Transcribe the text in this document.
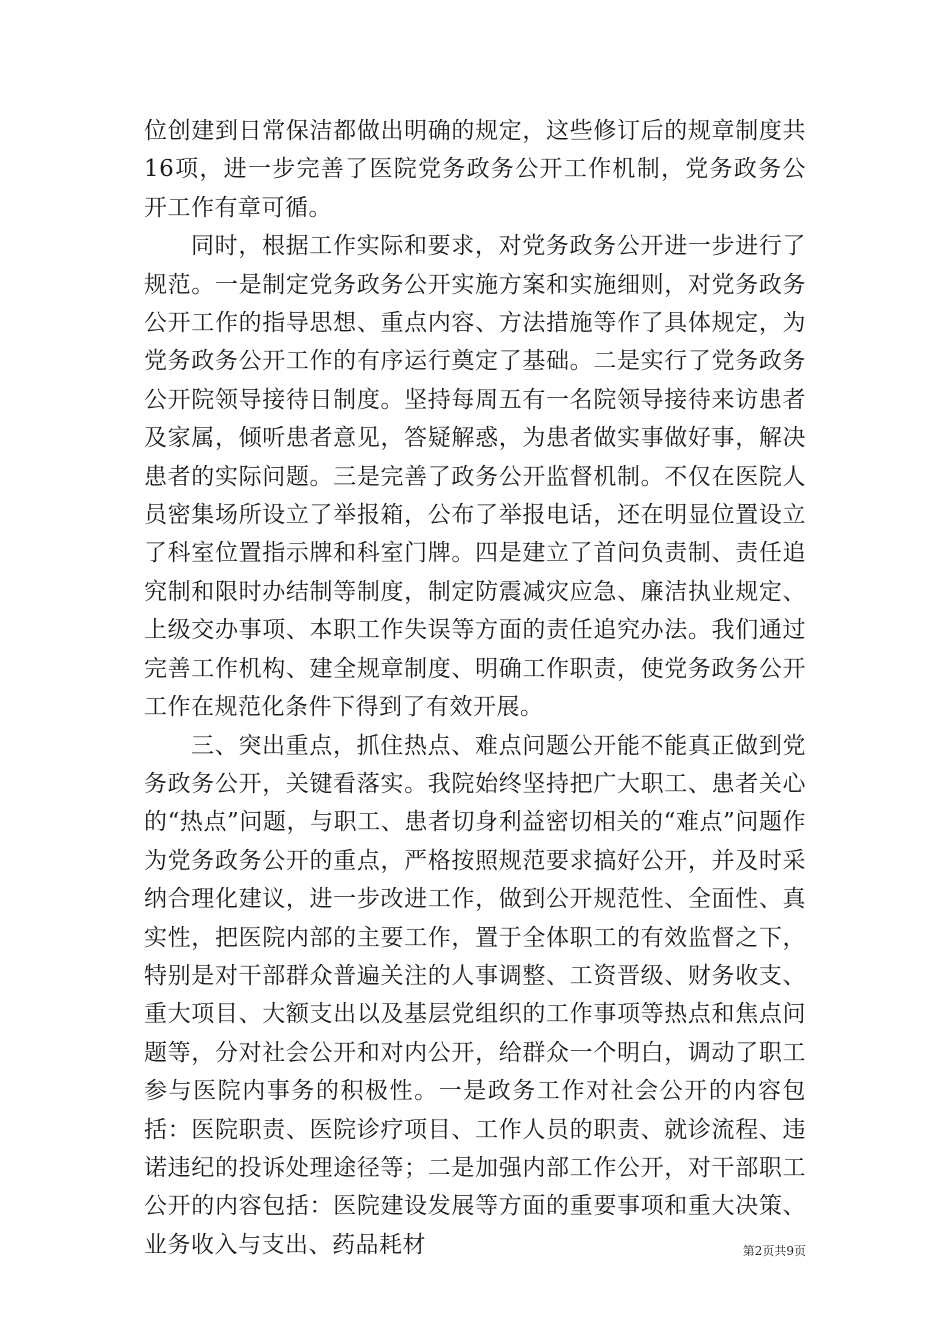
位创建到日常保洁都做出明确的规定，这些修订后的规章制度共16项，进一步完善了医院党务政务公开工作机制，党务政务公开工作有章可循。

同时，根据工作实际和要求，对党务政务公开进一步进行了规范。一是制定党务政务公开实施方案和实施细则，对党务政务公开工作的指导思想、重点内容、方法措施等作了具体规定，为党务政务公开工作的有序运行奠定了基础。二是实行了党务政务公开院领导接待日制度。坚持每周五有一名院领导接待来访患者及家属，倾听患者意见，答疑解惑，为患者做实事做好事，解决患者的实际问题。三是完善了政务公开监督机制。不仅在医院人员密集场所设立了举报箱，公布了举报电话，还在明显位置设立了科室位置指示牌和科室门牌。四是建立了首问负责制、责任追究制和限时办结制等制度，制定防震减灾应急、廉洁执业规定、上级交办事项、本职工作失误等方面的责任追究办法。我们通过完善工作机构、建全规章制度、明确工作职责，使党务政务公开工作在规范化条件下得到了有效开展。

三、突出重点，抓住热点、难点问题公开能不能真正做到党务政务公开，关键看落实。我院始终坚持把广大职工、患者关心的“热点”问题，与职工、患者切身利益密切相关的“难点”问题作为党务政务公开的重点，严格按照规范要求搞好公开，并及时采纳合理化建议，进一步改进工作，做到公开规范性、全面性、真实性，把医院内部的主要工作，置于全体职工的有效监督之下，特别是对干部群众普遍关注的人事调整、工资晋级、财务收支、重大项目、大额支出以及基层党组织的工作事项等热点和焦点问题等，分对社会公开和对内公开，给群众一个明白，调动了职工参与医院内事务的积极性。一是政务工作对社会公开的内容包括：医院职责、医院诊疗项目、工作人员的职责、就诊流程、违诺违纪的投诉处理途径等；二是加强内部工作公开，对干部职工公开的内容包括：医院建设发展等方面的重要事项和重大决策、业务收入与支出、药品耗材	第2页共9页
